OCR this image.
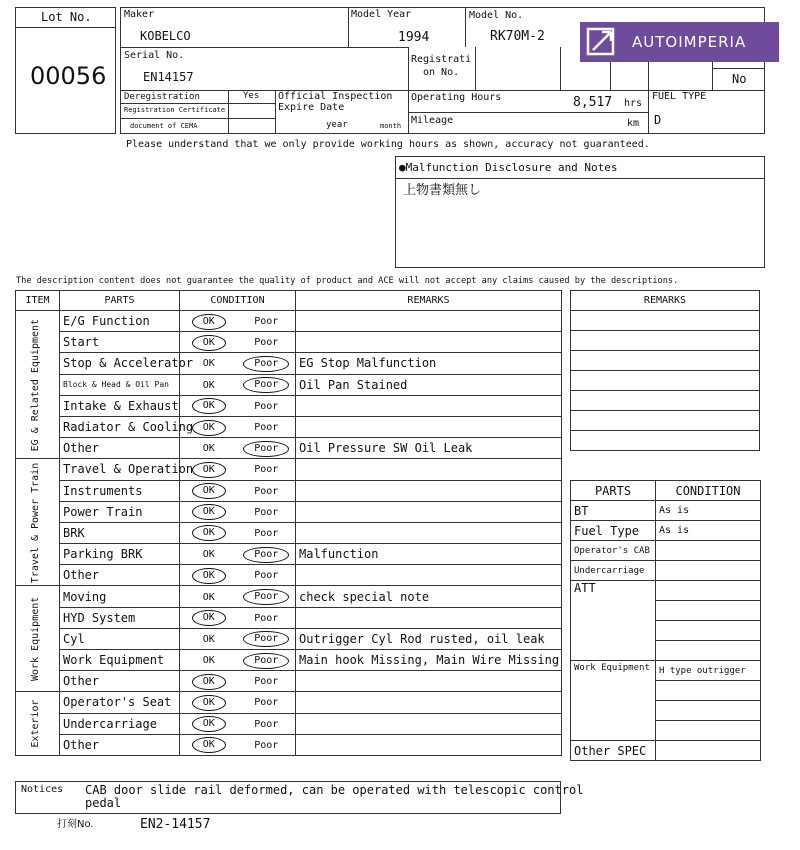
Lot No.
00056
Maker
KOBELCO
Model Year
1994
Model No.
RK70M-2
Serial No.
EN14157
Registrati
on No.	No
Deregistration	Yes
Registration Certificate
document of CEMA
Official Inspection
Expire Date
year	month
Operating Hours	8,517 hrs
Mileage	km
FUEL TYPE
D
AUTOIMPERIA
Please understand that we only provide working hours as shown, accuracy not guaranteed.
●Malfunction Disclosure and Notes
上物書類無し
The description content does not guarantee the quality of product and ACE will not accept any claims caused by the descriptions.
ITEM	PARTS	CONDITION		REMARKS

EG & Related Equipment	E/G Function	OK	Poor	
	Start	OK	Poor	
	Stop & Accelerator	OK	Poor	EG Stop Malfunction
	Block & Head & Oil Pan	OK	Poor	Oil Pan Stained
	Intake & Exhaust	OK	Poor	
	Radiator & Cooling	OK	Poor	
	Other	OK	Poor	Oil Pressure SW Oil Leak

Travel & Power Train	Travel & Operation	OK	Poor	
	Instruments	OK	Poor	
	Power Train	OK	Poor	
	BRK	OK	Poor	
	Parking BRK	OK	Poor	Malfunction
	Other	OK	Poor	

Work Equipment	Moving	OK	Poor	check special note
	HYD System	OK	Poor	
	Cyl	OK	Poor	Outrigger Cyl Rod rusted, oil leak
	Work Equipment	OK	Poor	Main hook Missing, Main Wire Missing
	Other	OK	Poor	

Exterior	Operator's Seat	OK	Poor	
	Undercarriage	OK	Poor	
	Other	OK	Poor	
REMARKS

PARTS	CONDITION
BT	As is
Fuel Type	As is
Operator's CAB	
Undercarriage	
ATT	

Work Equipment	H type outrigger

Other SPEC	
Notices CAB door slide rail deformed, can be operated with telescopic control
pedal
打刻No.	EN2-14157
